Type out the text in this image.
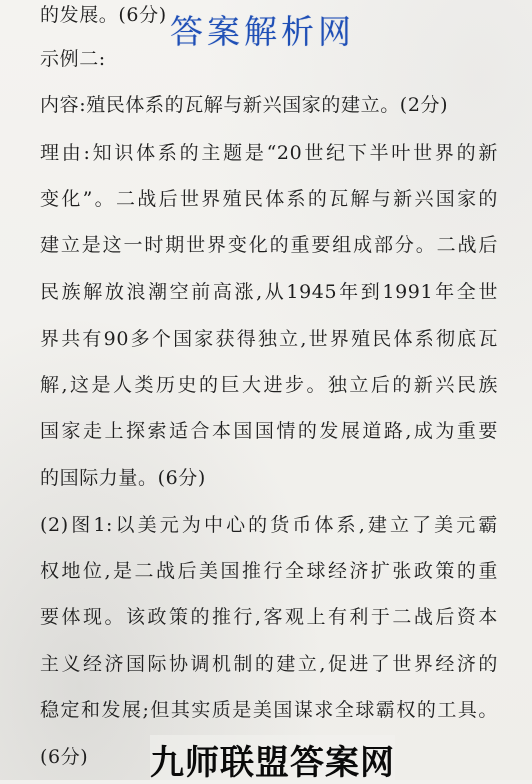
的发展。(6分)
示例二:
内容:殖民体系的瓦解与新兴国家的建立。(2分)
理由:知识体系的主题是“20世纪下半叶世界的新
变化”。二战后世界殖民体系的瓦解与新兴国家的
建立是这一时期世界变化的重要组成部分。二战后
民族解放浪潮空前高涨,从1945年到1991年全世
界共有90多个国家获得独立,世界殖民体系彻底瓦
解,这是人类历史的巨大进步。独立后的新兴民族
国家走上探索适合本国国情的发展道路,成为重要
的国际力量。(6分)
(2)图1:以美元为中心的货币体系,建立了美元霸
权地位,是二战后美国推行全球经济扩张政策的重
要体现。该政策的推行,客观上有利于二战后资本
主义经济国际协调机制的建立,促进了世界经济的
稳定和发展;但其实质是美国谋求全球霸权的工具。
(6分)
答案解析网
九师联盟答案网
